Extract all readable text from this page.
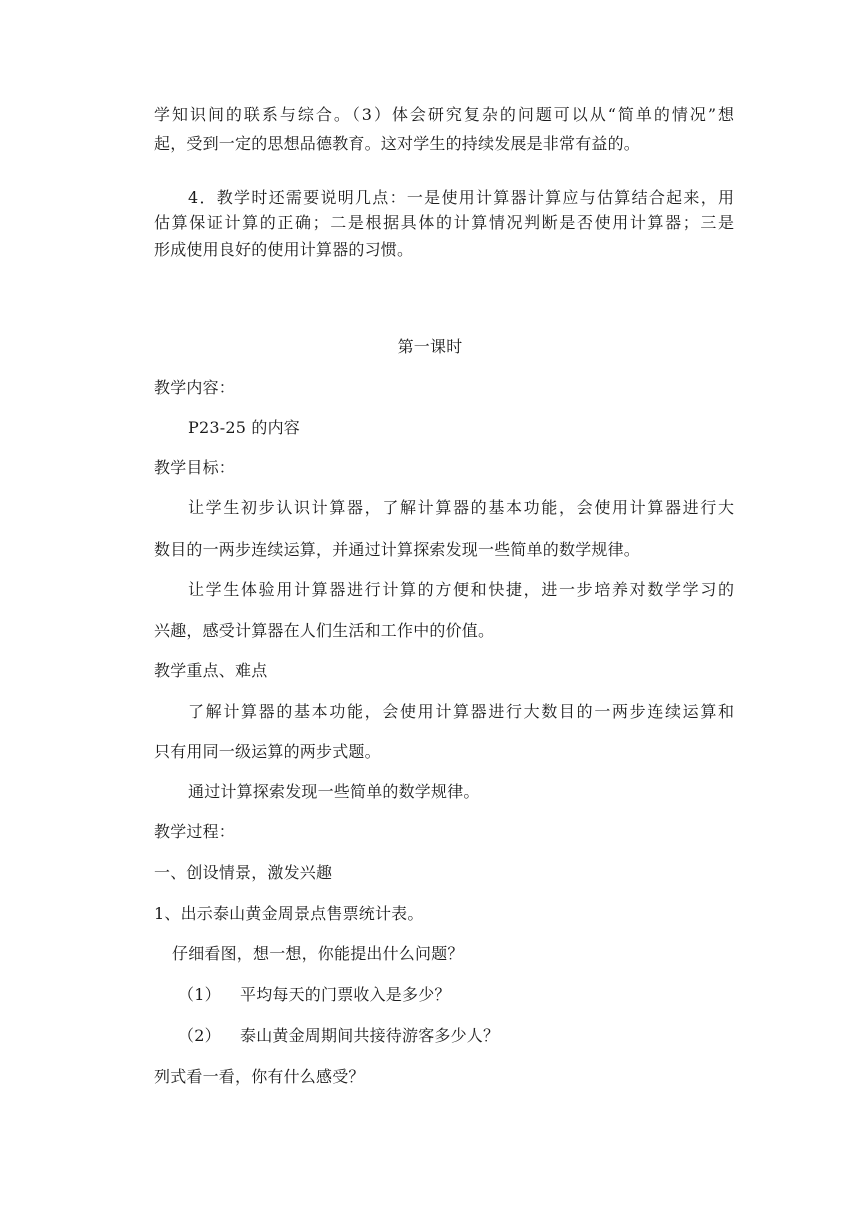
学知识间的联系与综合。（3）体会研究复杂的问题可以从“简单的情况”想
起，受到一定的思想品德教育。这对学生的持续发展是非常有益的。
4．教学时还需要说明几点：一是使用计算器计算应与估算结合起来，用
估算保证计算的正确；二是根据具体的计算情况判断是否使用计算器；三是
形成使用良好的使用计算器的习惯。
第一课时
教学内容：
P23-25 的内容
教学目标：
让学生初步认识计算器，了解计算器的基本功能，会使用计算器进行大
数目的一两步连续运算，并通过计算探索发现一些简单的数学规律。
让学生体验用计算器进行计算的方便和快捷，进一步培养对数学学习的
兴趣，感受计算器在人们生活和工作中的价值。
教学重点、难点
了解计算器的基本功能，会使用计算器进行大数目的一两步连续运算和
只有用同一级运算的两步式题。
通过计算探索发现一些简单的数学规律。
教学过程：
一、创设情景，激发兴趣
1、出示泰山黄金周景点售票统计表。
仔细看图，想一想，你能提出什么问题？
（1） 平均每天的门票收入是多少？
（2） 泰山黄金周期间共接待游客多少人？
列式看一看，你有什么感受？
